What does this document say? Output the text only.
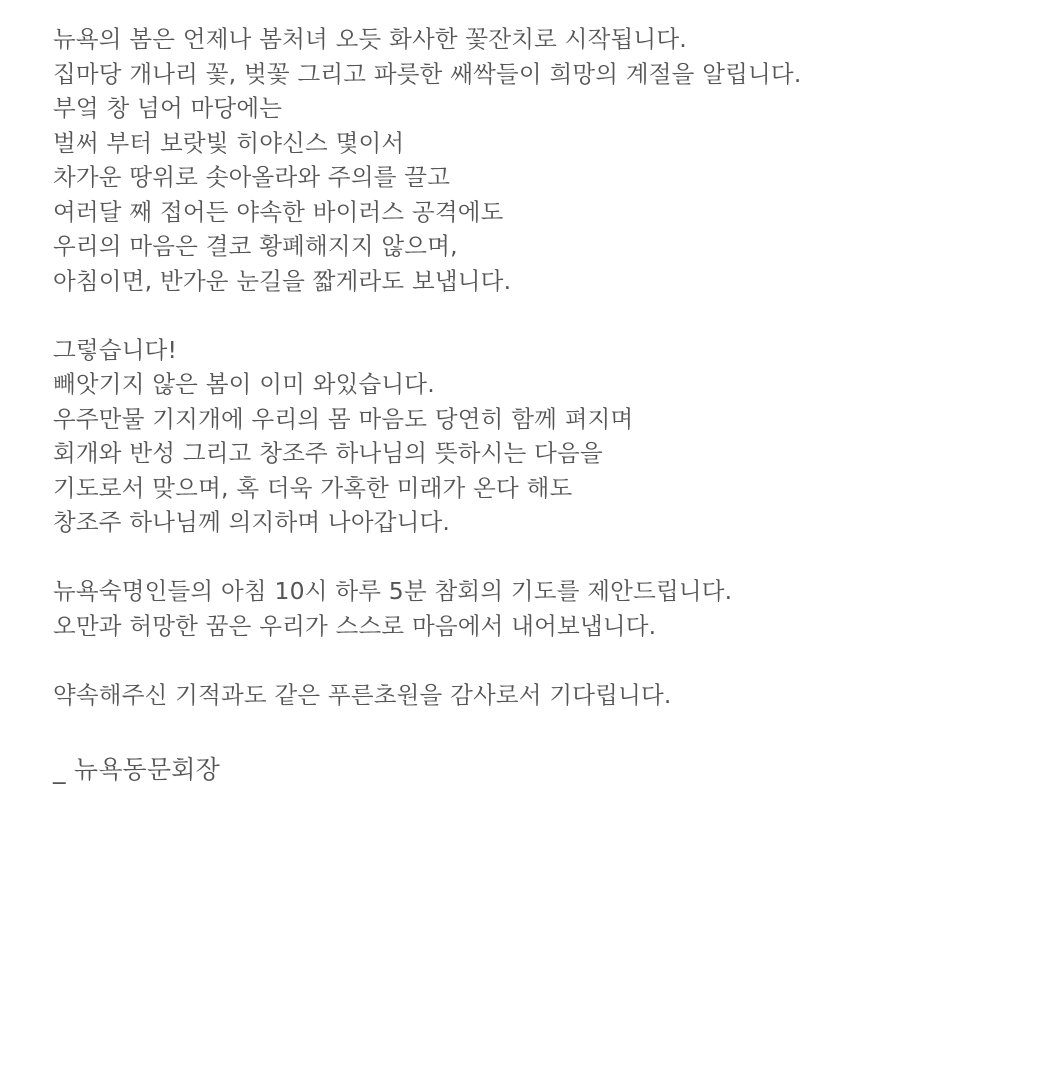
뉴욕의 봄은 언제나 봄처녀 오듯 화사한 꽃잔치로 시작됩니다.
집마당 개나리 꽃, 벚꽃 그리고 파릇한 쌔싹들이 희망의 계절을 알립니다.
부엌 창 넘어 마당에는
벌써 부터 보랏빛 히야신스 몇이서
차가운 땅위로 솟아올라와 주의를 끌고
여러달 째 접어든 야속한 바이러스 공격에도
우리의 마음은 결코 황폐해지지 않으며,
아침이면, 반가운 눈길을 짧게라도 보냅니다.
그렇습니다!
빼앗기지 않은 봄이 이미 와있습니다.
우주만물 기지개에 우리의 몸 마음도 당연히 함께 펴지며
회개와 반성 그리고 창조주 하나님의 뜻하시는 다음을
기도로서 맞으며, 혹 더욱 가혹한 미래가 온다 해도
창조주 하나님께 의지하며 나아갑니다.
뉴욕숙명인들의 아침 10시 하루 5분 참회의 기도를 제안드립니다.
오만과 허망한 꿈은 우리가 스스로 마음에서 내어보냅니다.
약속해주신 기적과도 같은 푸른초원을 감사로서 기다립니다.
_ 뉴욕동문회장
